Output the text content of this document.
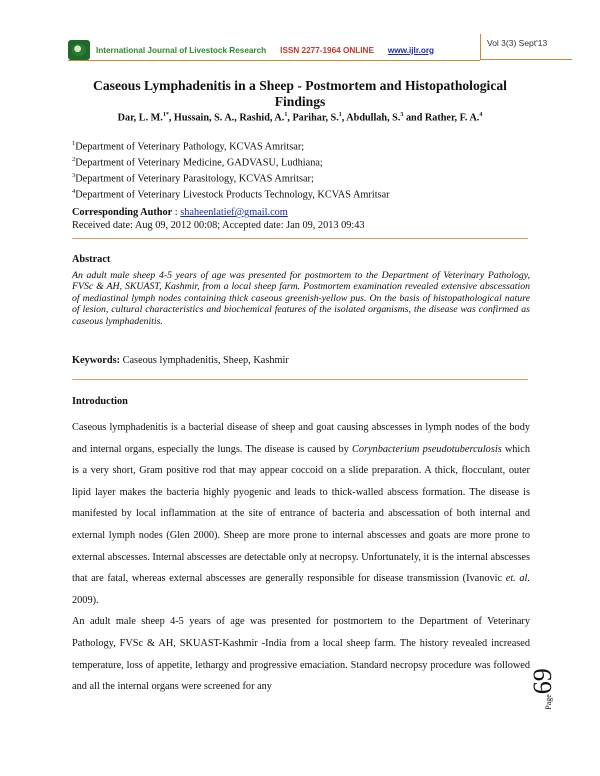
International Journal of Livestock Research ISSN 2277-1964 ONLINE www.ijlr.org
Vol 3(3) Sept'13
Caseous Lymphadenitis in a Sheep - Postmortem and Histopathological
Findings
Dar, L. M.$^{1*}$, Hussain, S. A., Rashid, A.$^1$, Parihar, S.$^1$, Abdullah, S.$^3$ and Rather, F. A.$^4$
$^1$Department of Veterinary Pathology, KCVAS Amritsar;
$^2$Department of Veterinary Medicine, GADVASU, Ludhiana;
$^3$Department of Veterinary Parasitology, KCVAS Amritsar;
$^4$Department of Veterinary Livestock Products Technology, KCVAS Amritsar
Corresponding Author : shaheenlatief@gmail.com
Received date: Aug 09, 2012 00:08; Accepted date: Jan 09, 2013 09:43
Abstract
An adult male sheep 4-5 years of age was presented for postmortem to the Department of Veterinary Pathology, FVSc & AH, SKUAST, Kashmir, from a local sheep farm. Postmortem examination revealed extensive abscessation of mediastinal lymph nodes containing thick caseous greenish-yellow pus. On the basis of histopathological nature of lesion, cultural characteristics and biochemical features of the isolated organisms, the disease was confirmed as caseous lymphadenitis.
Keywords: Caseous lymphadenitis, Sheep, Kashmir
Introduction

Caseous lymphadenitis is a bacterial disease of sheep and goat causing abscesses in lymph nodes of the body and internal organs, especially the lungs. The disease is caused by Corynbacterium pseudotuberculosis which is a very short, Gram positive rod that may appear coccoid on a slide preparation. A thick, flocculant, outer lipid layer makes the bacteria highly pyogenic and leads to thick-walled abscess formation. The disease is manifested by local inflammation at the site of entrance of bacteria and abscessation of both internal and external lymph nodes (Glen 2000). Sheep are more prone to internal abscesses and goats are more prone to external abscesses. Internal abscesses are detectable only at necropsy. Unfortunately, it is the internal abscesses that are fatal, whereas external abscesses are generally responsible for disease transmission (Ivanovic et. al. 2009).

An adult male sheep 4-5 years of age was presented for postmortem to the Department of Veterinary Pathology, FVSc & AH, SKUAST-Kashmir -India from a local sheep farm. The history revealed increased temperature, loss of appetite, lethargy and progressive emaciation. Standard necropsy procedure was followed and all the internal organs were screened for any

Page69
